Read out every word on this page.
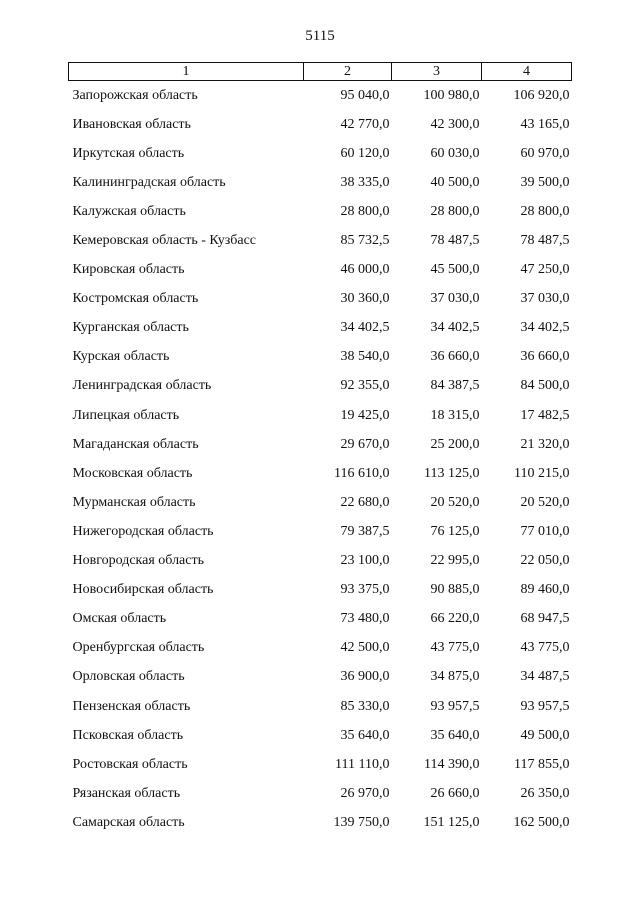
5115
1	2	3	4
Запорожская область	95 040,0	100 980,0	106 920,0
Ивановская область	42 770,0	42 300,0	43 165,0
Иркутская область	60 120,0	60 030,0	60 970,0
Калининградская область	38 335,0	40 500,0	39 500,0
Калужская область	28 800,0	28 800,0	28 800,0
Кемеровская область - Кузбасс	85 732,5	78 487,5	78 487,5
Кировская область	46 000,0	45 500,0	47 250,0
Костромская область	30 360,0	37 030,0	37 030,0
Курганская область	34 402,5	34 402,5	34 402,5
Курская область	38 540,0	36 660,0	36 660,0
Ленинградская область	92 355,0	84 387,5	84 500,0
Липецкая область	19 425,0	18 315,0	17 482,5
Магаданская область	29 670,0	25 200,0	21 320,0
Московская область	116 610,0	113 125,0	110 215,0
Мурманская область	22 680,0	20 520,0	20 520,0
Нижегородская область	79 387,5	76 125,0	77 010,0
Новгородская область	23 100,0	22 995,0	22 050,0
Новосибирская область	93 375,0	90 885,0	89 460,0
Омская область	73 480,0	66 220,0	68 947,5
Оренбургская область	42 500,0	43 775,0	43 775,0
Орловская область	36 900,0	34 875,0	34 487,5
Пензенская область	85 330,0	93 957,5	93 957,5
Псковская область	35 640,0	35 640,0	49 500,0
Ростовская область	111 110,0	114 390,0	117 855,0
Рязанская область	26 970,0	26 660,0	26 350,0
Самарская область	139 750,0	151 125,0	162 500,0
